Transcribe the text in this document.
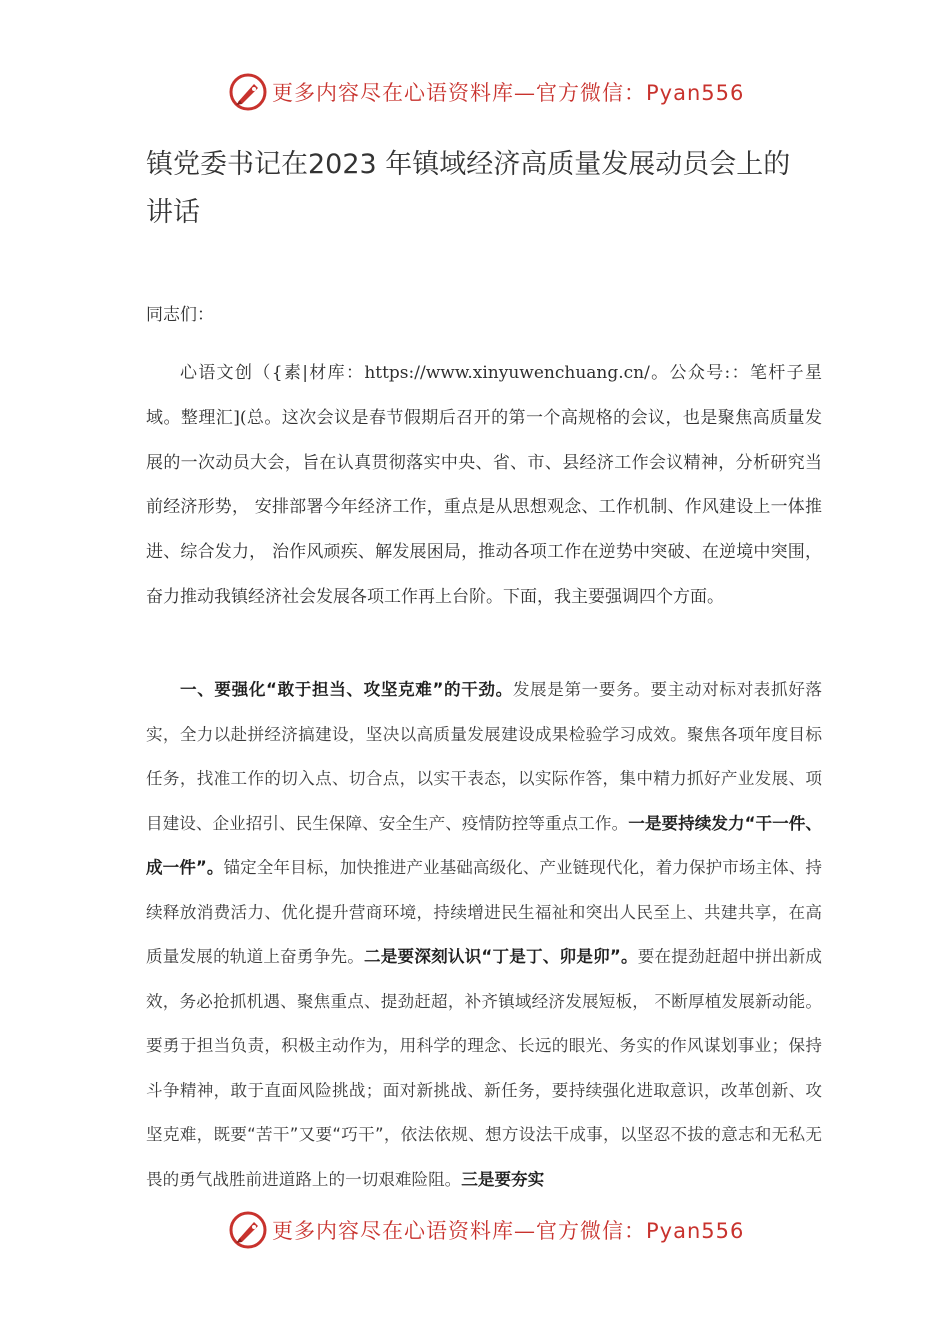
更多内容尽在心语资料库—官方微信：Pyan556
镇党委书记在2023 年镇域经济高质量发展动员会上的讲话

同志们：

心语文创（{素|材库：https://www.xinyuwenchuang.cn/。公众号:：笔杆子星域。整理汇](总。这次会议是春节假期后召开的第一个高规格的会议，也是聚焦高质量发展的一次动员大会，旨在认真贯彻落实中央、省、市、县经济工作会议精神，分析研究当前经济形势， 安排部署今年经济工作，重点是从思想观念、工作机制、作风建设上一体推进、综合发力， 治作风顽疾、解发展困局，推动各项工作在逆势中突破、在逆境中突围，奋力推动我镇经济社会发展各项工作再上台阶。下面，我主要强调四个方面。

一、要强化“敢于担当、攻坚克难”的干劲。发展是第一要务。要主动对标对表抓好落实，全力以赴拼经济搞建设，坚决以高质量发展建设成果检验学习成效。聚焦各项年度目标任务，找准工作的切入点、切合点，以实干表态，以实际作答，集中精力抓好产业发展、项目建设、企业招引、民生保障、安全生产、疫情防控等重点工作。一是要持续发力“干一件、成一件”。锚定全年目标，加快推进产业基础高级化、产业链现代化，着力保护市场主体、持续释放消费活力、优化提升营商环境，持续增进民生福祉和突出人民至上、共建共享，在高质量发展的轨道上奋勇争先。二是要深刻认识“丁是丁、卯是卯”。要在提劲赶超中拼出新成效，务必抢抓机遇、聚焦重点、提劲赶超，补齐镇域经济发展短板， 不断厚植发展新动能。要勇于担当负责，积极主动作为，用科学的理念、长远的眼光、务实的作风谋划事业；保持斗争精神，敢于直面风险挑战；面对新挑战、新任务，要持续强化进取意识，改革创新、攻坚克难，既要“苦干”又要“巧干”，依法依规、想方设法干成事，以坚忍不拔的意志和无私无畏的勇气战胜前进道路上的一切艰难险阻。三是要夯实

更多内容尽在心语资料库—官方微信：Pyan556
